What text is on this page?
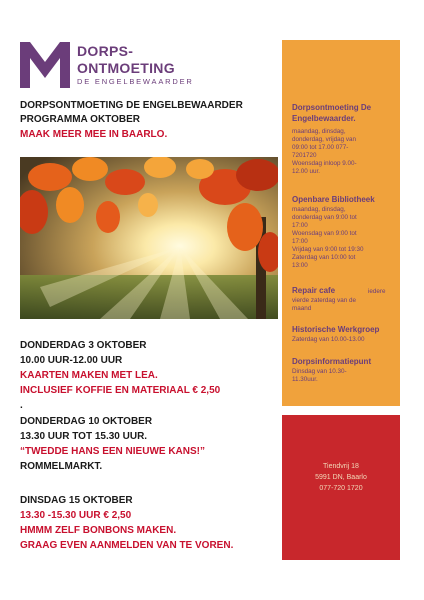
DORPS-
ONTMOETING
DE ENGELBEWAARDER
DORPSONTMOETING DE ENGELBEWAARDER
PROGRAMMA OKTOBER
MAAK MEER MEE IN BAARLO.
DONDERDAG 3 OKTOBER
10.00 UUR-12.00 UUR
KAARTEN MAKEN MET LEA.
INCLUSIEF KOFFIE EN MATERIAAL € 2,50
.
DONDERDAG 10 OKTOBER
13.30 UUR TOT 15.30 UUR.
“TWEDDE HANS EEN NIEUWE KANS!”
ROMMELMARKT.
DINSDAG 15 OKTOBER
13.30 -15.30 UUR € 2,50
HMMM ZELF BONBONS MAKEN.
GRAAG EVEN AANMELDEN VAN TE VOREN.
Dorpsontmoeting De Engelbewaarder.
maandag, dinsdag,
donderdag, vrijdag van
09:00 tot 17.00 077-
7201720
Woensdag inloop 9.00-
12.00 uur.
Openbare Bibliotheek
maandag, dinsdag,
donderdag van 9:00 tot
17:00
Woensdag van 9:00 tot
17:00
Vrijdag van 9:00 tot 19:30
Zaterdag van 10:00 tot
13:00
Repair cafe	iedere
vierde zaterdag van de
maand
Historische Werkgroep
Zaterdag van 10.00-13.00
Dorpsinformatiepunt
Dinsdag van 10.30-
11.30uur.
Tiendvrij 18
5991 DN, Baarlo
077-720 1720
